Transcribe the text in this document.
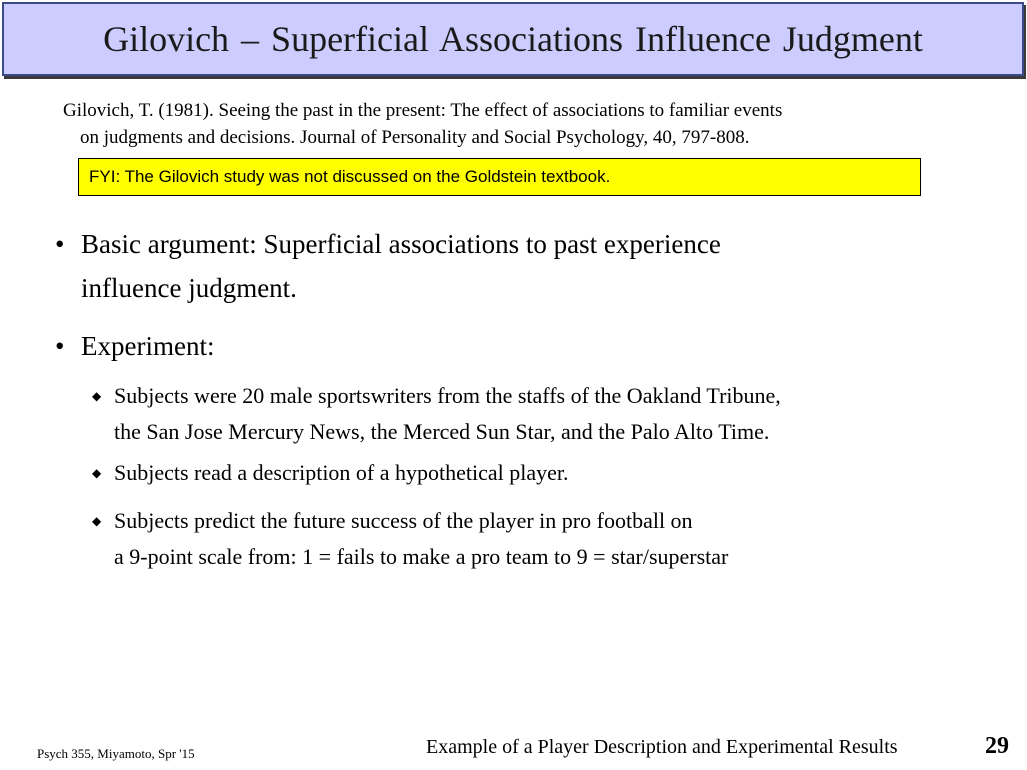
Gilovich – Superficial Associations Influence Judgment
Gilovich, T. (1981). Seeing the past in the present: The effect of associations to familiar events
on judgments and decisions. Journal of Personality and Social Psychology, 40, 797-808.
FYI: The Gilovich study was not discussed on the Goldstein textbook.
• Basic argument: Superficial associations to past experience
influence judgment.
• Experiment:
◆ Subjects were 20 male sportswriters from the staffs of the Oakland Tribune,
the San Jose Mercury News, the Merced Sun Star, and the Palo Alto Time.
◆ Subjects read a description of a hypothetical player.
◆ Subjects predict the future success of the player in pro football on
a 9-point scale from: 1 = fails to make a pro team to 9 = star/superstar
Psych 355, Miyamoto, Spr '15	Example of a Player Description and Experimental Results	29
